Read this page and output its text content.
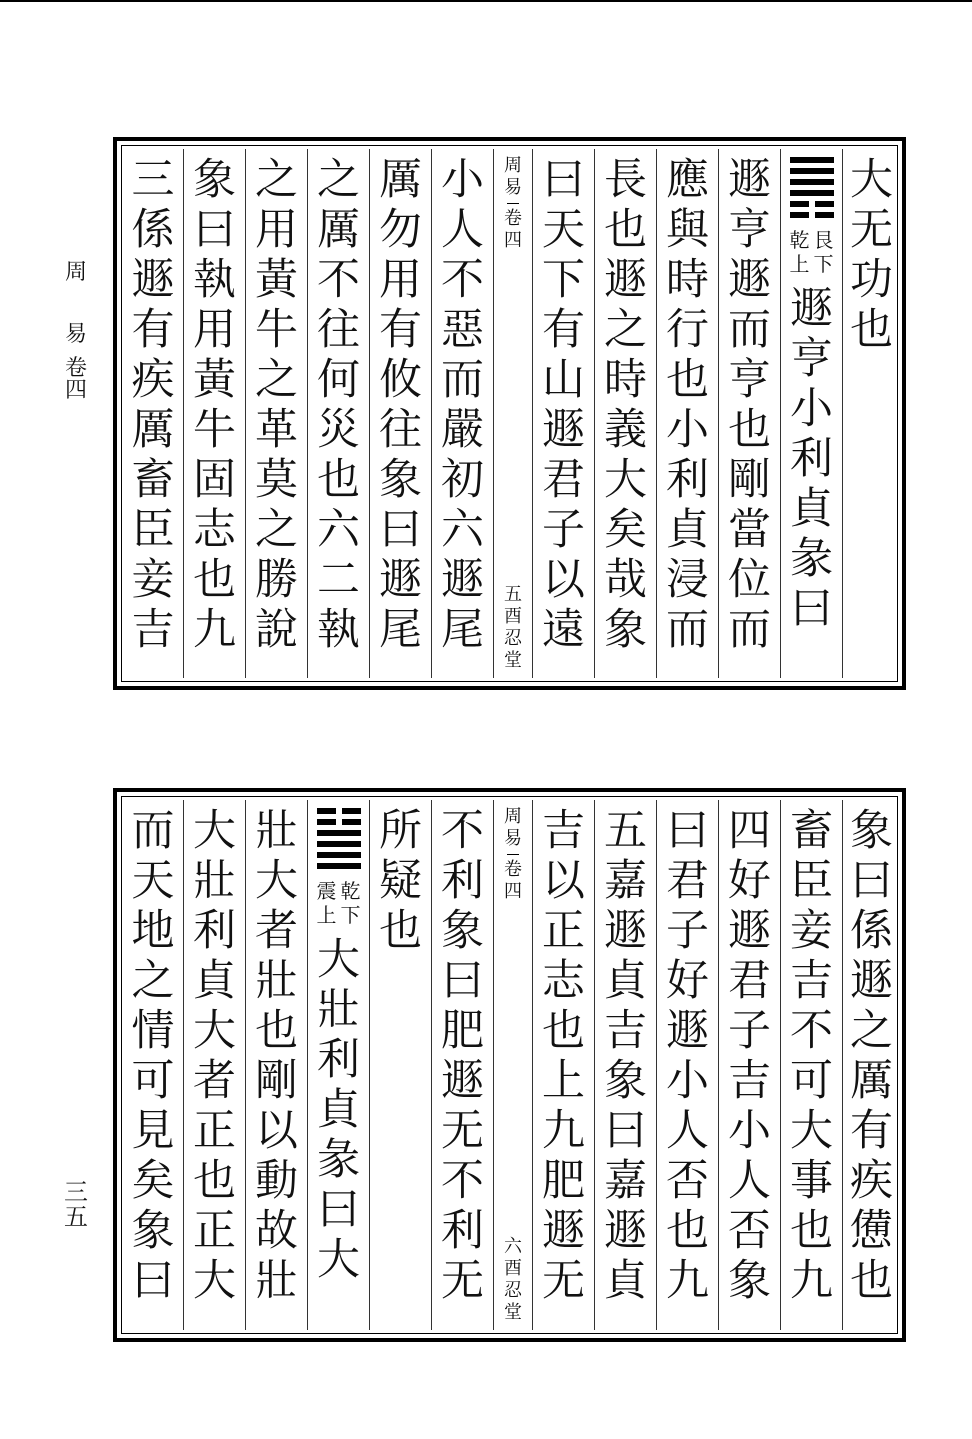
周
易
卷
四
三五
三
係
遯
有
疾
厲
畜
臣
妾
吉
象
曰
執
用
黃
牛
固
志
也
九
之
用
黃
牛
之
革
莫
之
勝
說
之
厲
不
往
何
災
也
六
二
執
厲
勿
用
有
攸
往
象
曰
遯
尾
小
人
不
惡
而
嚴
初
六
遯
尾
周
易
卷
四
五
酉
忍
堂
曰
天
下
有
山
遯
君
子
以
遠
長
也
遯
之
時
義
大
矣
哉
象
應
與
時
行
也
小
利
貞
浸
而
遯
亨
遯
而
亨
也
剛
當
位
而
乾
上
艮
下
遯
亨
小
利
貞
彖
曰
大
无
功
也
而
天
地
之
情
可
見
矣
象
曰
大
壯
利
貞
大
者
正
也
正
大
壯
大
者
壯
也
剛
以
動
故
壯
震
上
乾
下
大
壯
利
貞
彖
曰
大
所
疑
也
不
利
象
曰
肥
遯
无
不
利
无
周
易
卷
四
六
酉
忍
堂
吉
以
正
志
也
上
九
肥
遯
无
五
嘉
遯
貞
吉
象
曰
嘉
遯
貞
曰
君
子
好
遯
小
人
否
也
九
四
好
遯
君
子
吉
小
人
否
象
畜
臣
妾
吉
不
可
大
事
也
九
象
曰
係
遯
之
厲
有
疾
憊
也
